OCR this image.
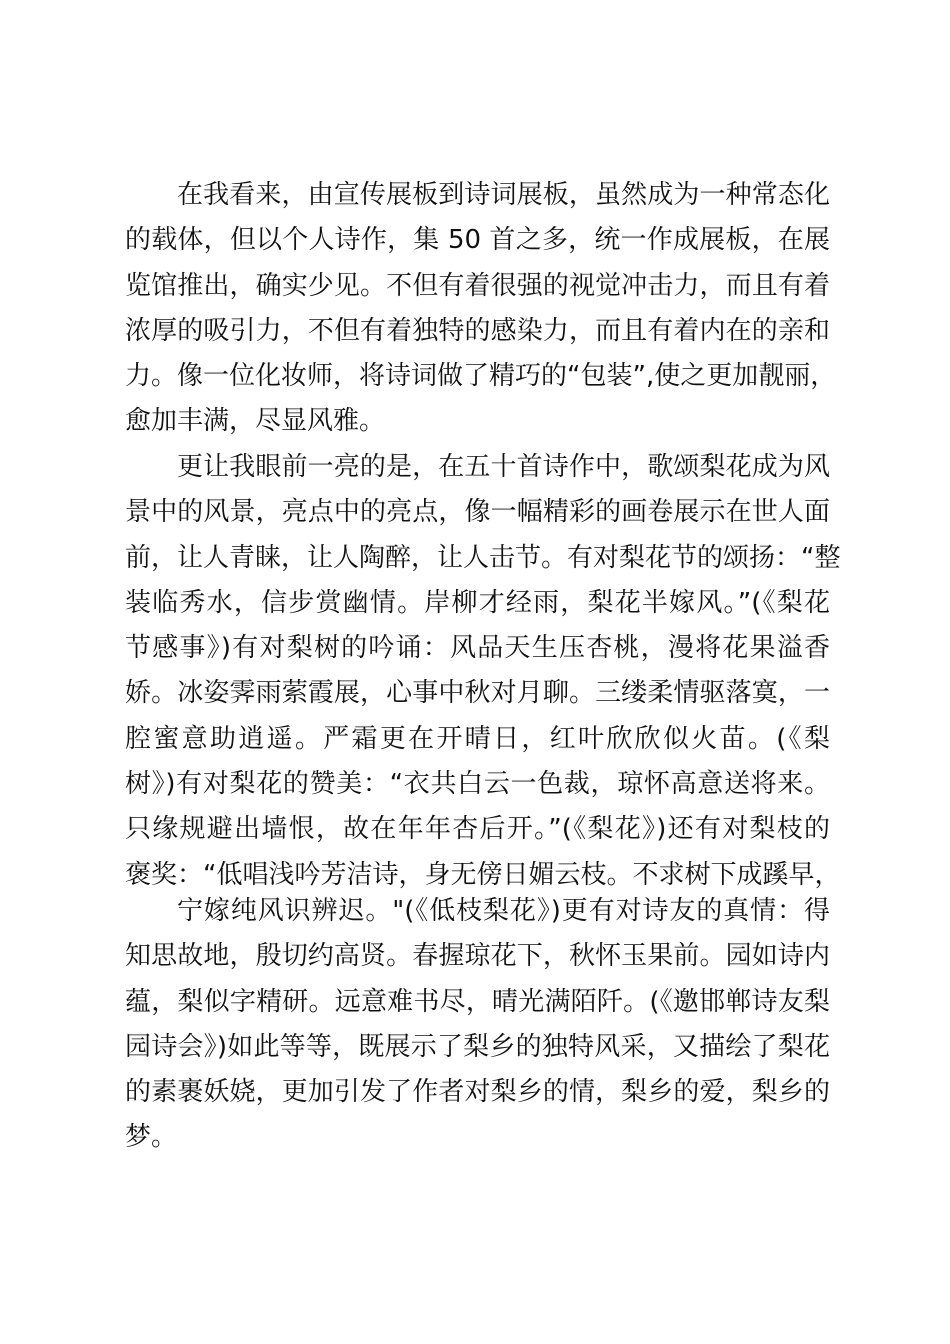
在我看来，由宣传展板到诗词展板，虽然成为一种常态化
的载体，但以个人诗作，集 50 首之多，统一作成展板，在展
览馆推出，确实少见。不但有着很强的视觉冲击力，而且有着
浓厚的吸引力，不但有着独特的感染力，而且有着内在的亲和
力。像一位化妆师，将诗词做了精巧的“包装”,使之更加靓丽，
愈加丰满，尽显风雅。
更让我眼前一亮的是，在五十首诗作中，歌颂梨花成为风
景中的风景，亮点中的亮点，像一幅精彩的画卷展示在世人面
前，让人青睐，让人陶醉，让人击节。有对梨花节的颂扬：“整
装临秀水，信步赏幽情。岸柳才经雨，梨花半嫁风。”(《梨花
节感事》)有对梨树的吟诵：风品天生压杏桃，漫将花果溢香
娇。冰姿霁雨萦霞展，心事中秋对月聊。三缕柔情驱落寞，一
腔蜜意助逍遥。严霜更在开晴日，红叶欣欣似火苗。(《梨
树》)有对梨花的赞美：“衣共白云一色裁，琼怀高意送将来。
只缘规避出墙恨，故在年年杏后开。”(《梨花》)还有对梨枝的
褒奖：“低唱浅吟芳洁诗，身无傍日媚云枝。不求树下成蹊早，
宁嫁纯风识辨迟。"(《低枝梨花》)更有对诗友的真情：得
知思故地，殷切约高贤。春握琼花下，秋怀玉果前。园如诗内
蕴，梨似字精研。远意难书尽，晴光满陌阡。(《邀邯郸诗友梨
园诗会》)如此等等，既展示了梨乡的独特风采，又描绘了梨花
的素裹妖娆，更加引发了作者对梨乡的情，梨乡的爱，梨乡的
梦。
